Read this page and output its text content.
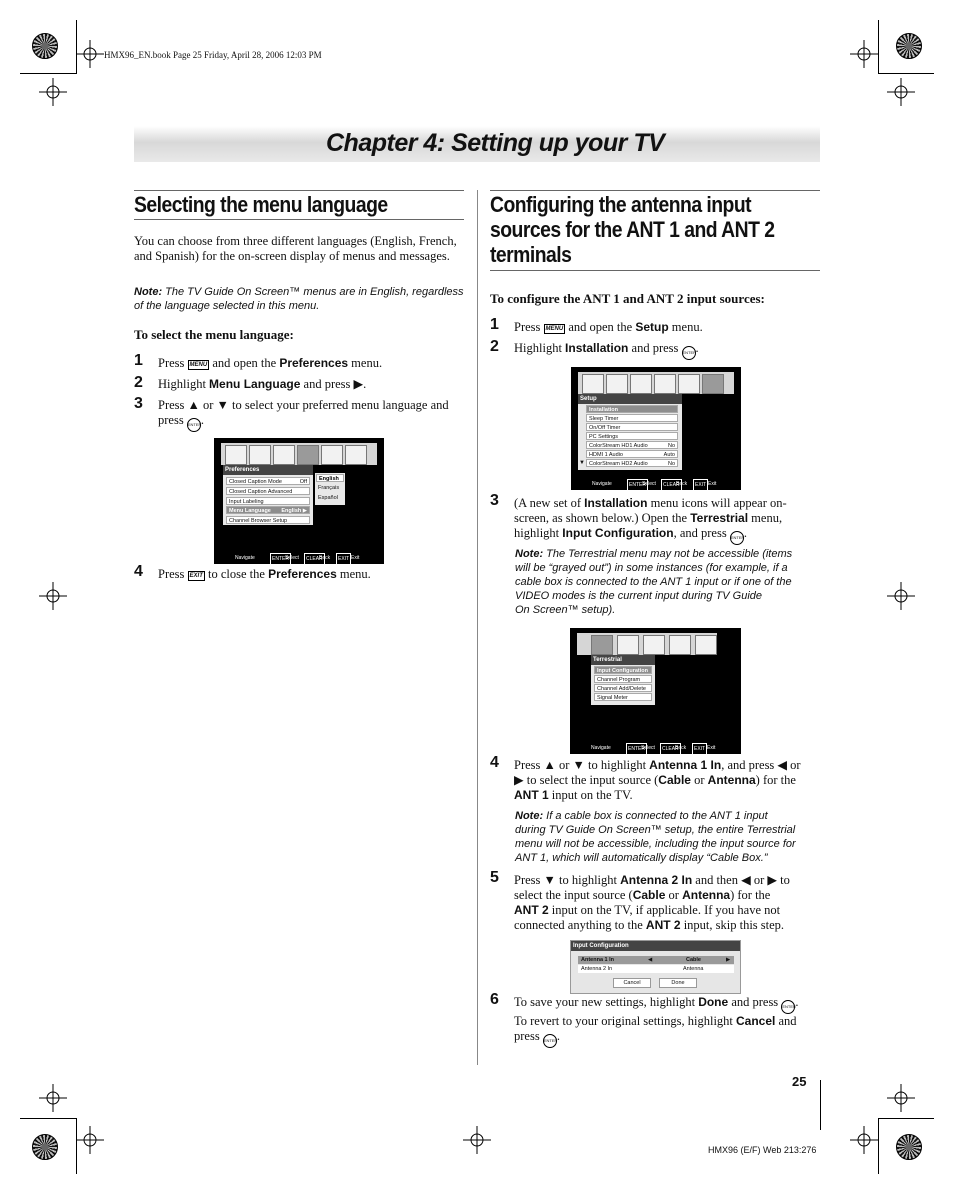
HMX96_EN.book Page 25 Friday, April 28, 2006 12:03 PM
Chapter 4: Setting up your TV
Selecting the menu language

You can choose from three different languages (English, French, and Spanish) for the on-screen display of menus and messages.

Note: The TV Guide On Screen™ menus are in English, regardless of the language selected in this menu.

To select the menu language:

1 Press MENU and open the Preferences menu.
2 Highlight Menu Language and press ▶.
3 Press ▲ or ▼ to select your preferred menu language and press ENTER.
Preferences
Closed Caption Mode	Off
Closed Caption Advanced
Input Labeling
Menu Language English ▶
Channel Browser Setup
English
Français
Español
Navigate	ENTER
Select	CLEAR
Back	EXIT Exit
4 Press EXIT to close the Preferences menu.
Configuring the antenna input
sources for the ANT 1 and ANT 2
terminals

To configure the ANT 1 and ANT 2 input sources:

1 Press MENU and open the Setup menu.
2 Highlight Installation and press ENTER.
Setup
Installation
Sleep Timer
On/Off Timer
PC Settings
ColorStream HD1 Audio	No
HDMI 1 Audio	Auto
ColorStream HD2 Audio	No
▼
Navigate	ENTER
Select	CLEAR
Back	EXIT Exit
3 (A new set of Installation menu icons will appear on-
screen, as shown below.) Open the Terrestrial menu,
highlight Input Configuration, and press ENTER.
Note: The Terrestrial menu may not be accessible (items
will be “grayed out”) in some instances (for example, if a
cable box is connected to the ANT 1 input or if one of the
VIDEO modes is the current input during TV Guide
On Screen™ setup).
Terrestrial
Input Configuration
Channel Program
Channel Add/Delete
Signal Meter
Navigate	ENTER
Select	CLEAR
Back	EXIT Exit
4 Press ▲ or ▼ to highlight Antenna 1 In, and press ◀ or
▶ to select the input source (Cable or Antenna) for the
ANT 1 input on the TV.
Note: If a cable box is connected to the ANT 1 input
during TV Guide On Screen™ setup, the entire Terrestrial
menu will not be accessible, including the input source for
ANT 1, which will automatically display “Cable Box.”
5 Press ▼ to highlight Antenna 2 In and then ◀ or ▶ to
select the input source (Cable or Antenna) for the
ANT 2 input on the TV, if applicable. If you have not
connected anything to the ANT 2 input, skip this step.
Input Configuration
Antenna 1 In	◀	Cable	▶
Antenna 2 In	Antenna
Cancel	Done
6 To save your new settings, highlight Done and press ENTER.
To revert to your original settings, highlight Cancel and
press ENTER.
25
HMX96 (E/F) Web 213:276
